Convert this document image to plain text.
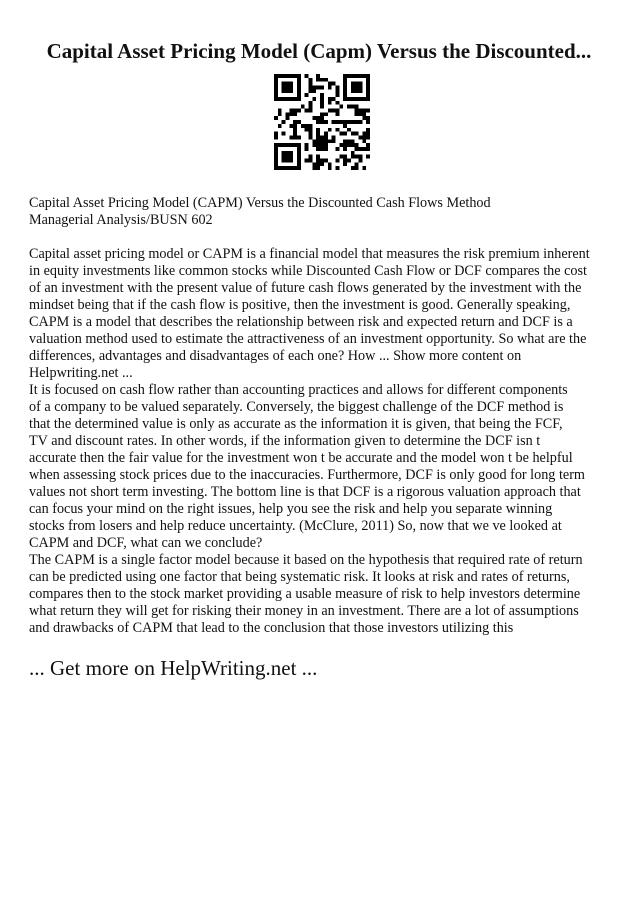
Capital Asset Pricing Model (Capm) Versus the Discounted...

Capital Asset Pricing Model (CAPM) Versus the Discounted Cash Flows Method
Managerial Analysis/BUSN 602

Capital asset pricing model or CAPM is a financial model that measures the risk premium inherent
in equity investments like common stocks while Discounted Cash Flow or DCF compares the cost
of an investment with the present value of future cash flows generated by the investment with the
mindset being that if the cash flow is positive, then the investment is good. Generally speaking,
CAPM is a model that describes the relationship between risk and expected return and DCF is a
valuation method used to estimate the attractiveness of an investment opportunity. So what are the
differences, advantages and disadvantages of each one? How ... Show more content on
Helpwriting.net ...

It is focused on cash flow rather than accounting practices and allows for different components
of a company to be valued separately. Conversely, the biggest challenge of the DCF method is
that the determined value is only as accurate as the information it is given, that being the FCF,
TV and discount rates. In other words, if the information given to determine the DCF isn t
accurate then the fair value for the investment won t be accurate and the model won t be helpful
when assessing stock prices due to the inaccuracies. Furthermore, DCF is only good for long term
values not short term investing. The bottom line is that DCF is a rigorous valuation approach that
can focus your mind on the right issues, help you see the risk and help you separate winning
stocks from losers and help reduce uncertainty. (McClure, 2011) So, now that we ve looked at
CAPM and DCF, what can we conclude?

The CAPM is a single factor model because it based on the hypothesis that required rate of return
can be predicted using one factor that being systematic risk. It looks at risk and rates of returns,
compares then to the stock market providing a usable measure of risk to help investors determine
what return they will get for risking their money in an investment. There are a lot of assumptions
and drawbacks of CAPM that lead to the conclusion that those investors utilizing this

... Get more on HelpWriting.net ...
